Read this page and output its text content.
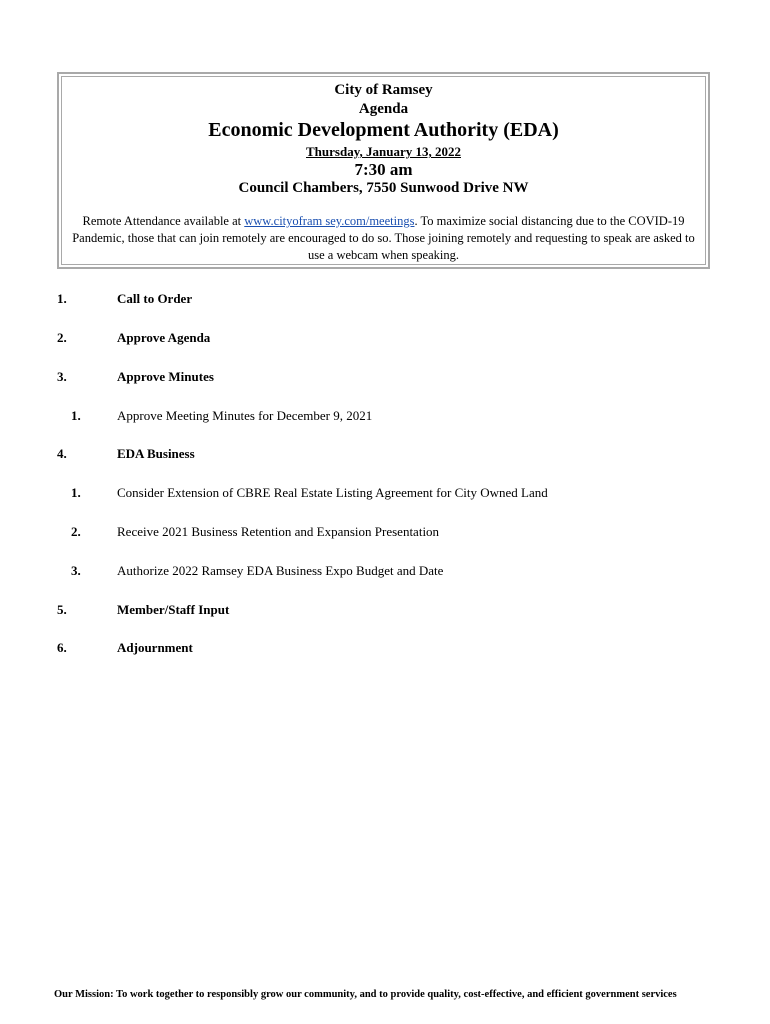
City of Ramsey
Agenda
Economic Development Authority (EDA)
Thursday, January 13, 2022
7:30 am
Council Chambers, 7550 Sunwood Drive NW
Remote Attendance available at www.cityofram sey.com/meetings. To maximize social distancing due to the COVID-19 Pandemic, those that can join remotely are encouraged to do so. Those joining remotely and requesting to speak are asked to use a webcam when speaking.
1.	Call to Order
2.	Approve Agenda
3.	Approve Minutes
1.	Approve Meeting Minutes for December 9, 2021
4.	EDA Business
1.	Consider Extension of CBRE Real Estate Listing Agreement for City Owned Land
2.	Receive 2021 Business Retention and Expansion Presentation
3.	Authorize 2022 Ramsey EDA Business Expo Budget and Date
5.	Member/Staff Input
6.	Adjournment
Our Mission: To work together to responsibly grow our community, and to provide quality, cost-effective, and efficient government services
